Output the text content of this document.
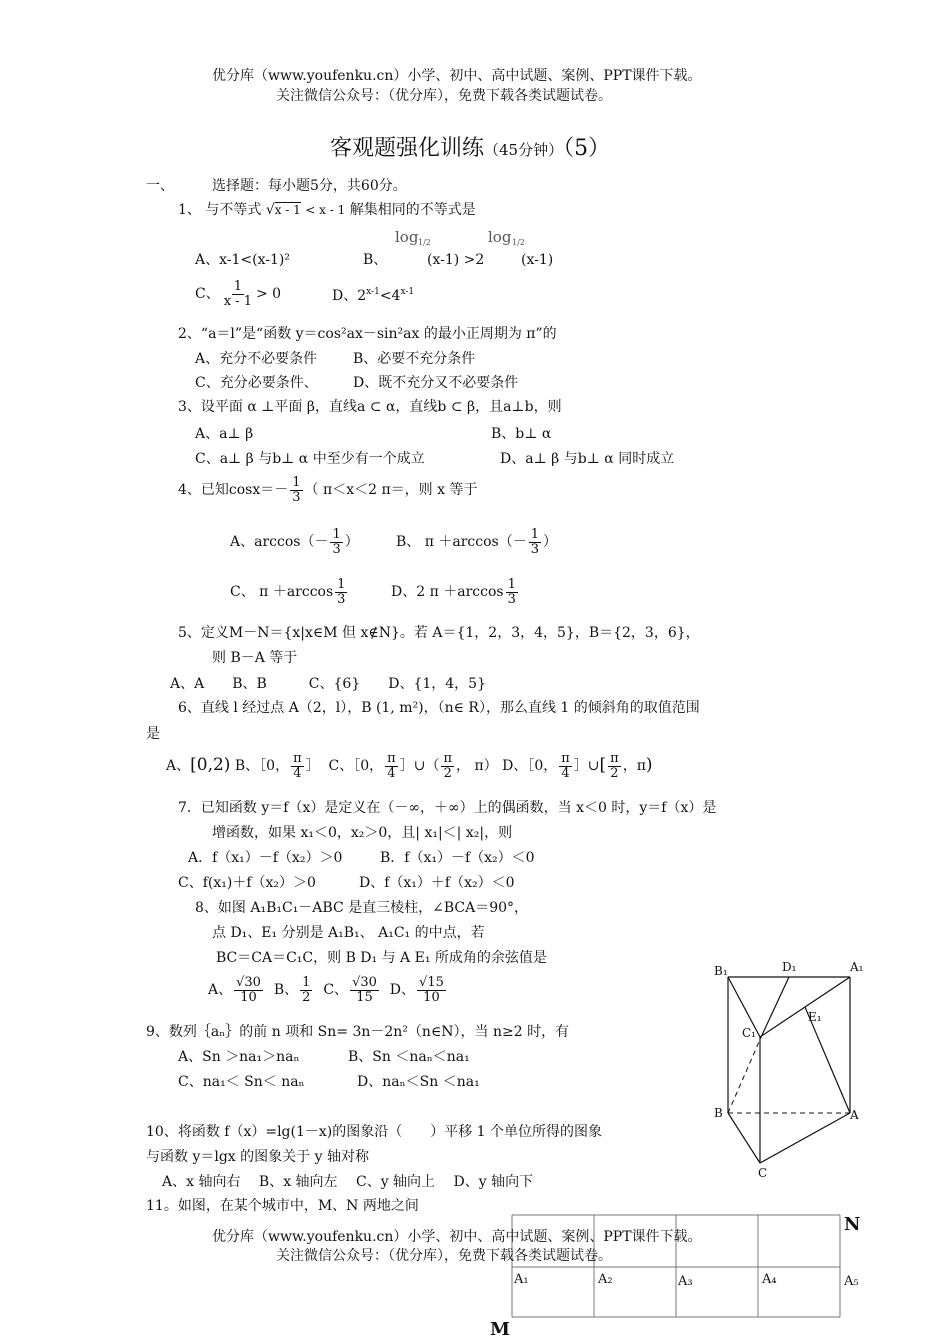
优分库（www.youfenku.cn）小学、初中、高中试题、案例、PPT课件下载。
关注微信公众号：（优分库），免费下载各类试题试卷。
客观题强化训练（45分钟）（5）
一、	选择题：每小题5分，共60分。
1、 与不等式 √x - 1 < x - 1 解集相同的不等式是
log 1/2	log 1/2
A、x-1<(x-1)²	B、	(x-1) >2	(x-1)
C、 $\frac{1}{x - 1} > 0$	D、$2^{x-1}<4^{x-1}$
2、“a＝l”是“函数 y＝cos²ax－sin²ax 的最小正周期为 π”的
A、充分不必要条件	B、必要不充分条件
C、充分必要条件、	D、既不充分又不必要条件
3、设平面 α ⊥平面 β，直线a ⊂ α，直线b ⊂ β，且a⊥b，则
A、a⊥ β	B、b⊥ α
C、a⊥ β 与b⊥ α 中至少有一个成立	D、a⊥ β 与b⊥ α 同时成立
4、已知$\cos x=- \frac{1}{3}$ （ π＜x＜2 π＝，则 x 等于
A、$\arccos(- \frac{1}{3}$ ）	B、 $\pi +\arccos(- \frac{1}{3}$ ）
C、 $\pi +\arccos \frac{1}{3}$	D、2 $\pi +\arccos \frac{1}{3}$
5、定义M－N＝{x|x∈M 但 x∉N}。若 A＝{1，2，3，4，5}，B＝{2，3，6}，
则 B－A 等于
A、A　　B、B　　　C、{6}　　D、{1，4，5}
6、直线 l 经过点 A（2，l），B (1, m²)，（n∈ R），那么直线 1 的倾斜角的取值范围
是
A、[0,2) B、［0， $\frac{\pi}{4}$ ］ C、［0， $\frac{\pi}{4}$ ］∪（ $\frac{\pi}{2}$ ， π） D、［0， $\frac{\pi}{4}$ ］∪[ $\frac{\pi}{2}$ ，π)
7．已知函数 y＝f（x）是定义在（－∞，＋∞）上的偶函数，当 x＜0 时，y＝f（x）是
增函数，如果 x₁＜0，x₂＞0，且| x₁|＜| x₂|，则
A．f（x₁）－f（x₂）＞0	B．f（x₁）－f（x₂）＜0
C、f(x₁)＋f（x₂）＞0	D、f（x₁）＋f（x₂）＜0
8、如图 A₁B₁C₁－ABC 是直三棱柱，∠BCA＝90°，
点 D₁、E₁ 分别是 A₁B₁、 A₁C₁ 的中点，若
BC＝CA＝C₁C，则 B D₁ 与 A E₁ 所成角的余弦值是
A、 $\frac{√30}{10}$ B、 $\frac{1}{2}$ C、 $\frac{√30}{15}$ D、 $\frac{√15}{10}$
9、数列｛aₙ｝的前 n 项和 Sn= 3n－2n²（n∈N），当 n≥2 时，有
A、Sn ＞na₁＞naₙ	B、Sn ＜naₙ＜na₁
C、na₁＜ Sn＜ naₙ	D、naₙ＜Sn ＜na₁
10、将函数 f（x）=lg(1－x)的图象沿（　　）平移 1 个单位所得的图象
与函数 y＝lgx 的图象关于 y 轴对称
A、x 轴向右　 B、x 轴向左　 C、y 轴向上　 D、y 轴向下
11。如图，在某个城市中，M、N 两地之间
B₁	D₁	A₁
E₁
C₁
B	A
C
N
M
A₁	A₂	A₃	A₄	A₅
优分库（www.youfenku.cn）小学、初中、高中试题、案例、PPT课件下载。
关注微信公众号：（优分库），免费下载各类试题试卷。
